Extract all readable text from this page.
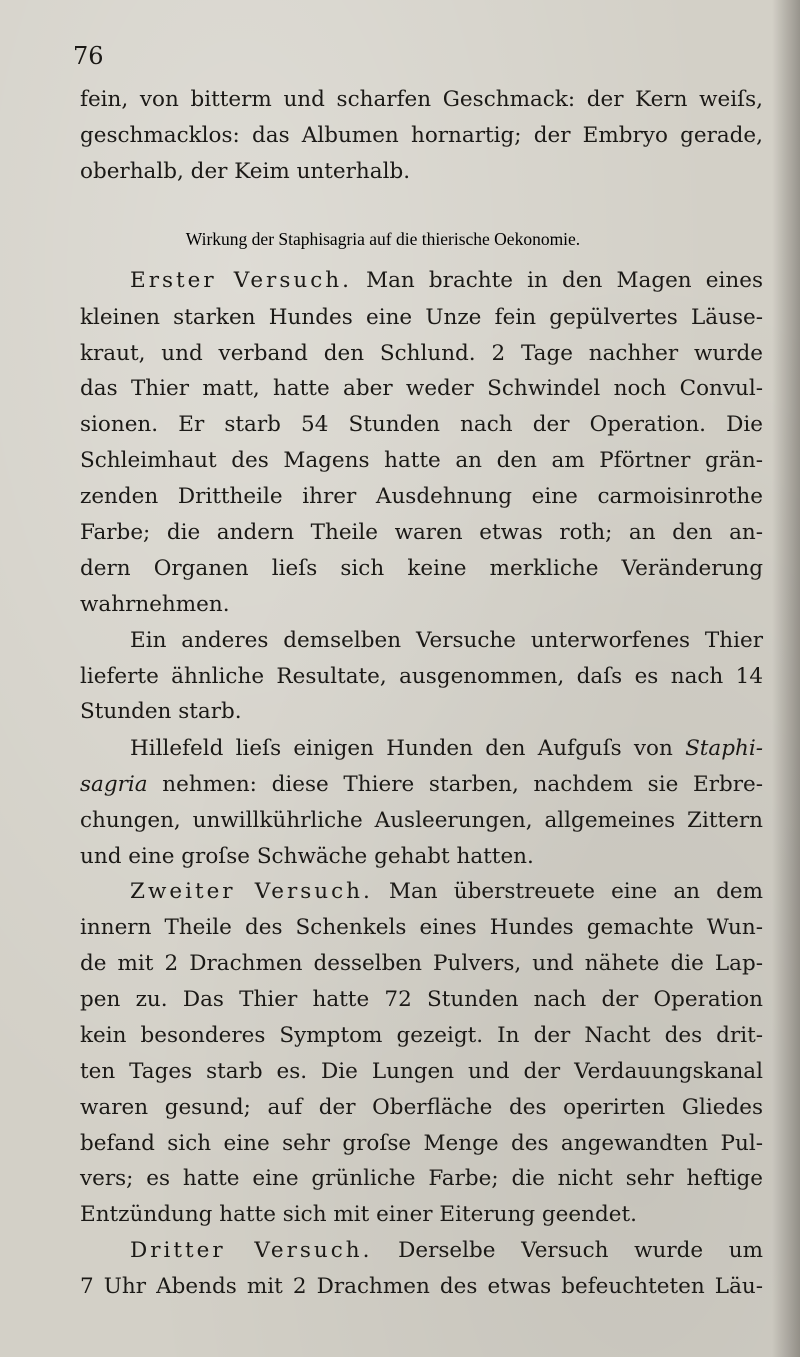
76
fein, von bitterm und scharfen Geschmack: der Kern weiſs,
geschmacklos: das Albumen hornartig; der Embryo gerade,
oberhalb, der Keim unterhalb.
Wirkung der Staphisagria auf die thierische Oekonomie.
Erster Versuch. Man brachte in den Magen eines
kleinen starken Hundes eine Unze fein gepülvertes Läuse-
kraut, und verband den Schlund. 2 Tage nachher wurde
das Thier matt, hatte aber weder Schwindel noch Convul-
sionen. Er starb 54 Stunden nach der Operation. Die
Schleimhaut des Magens hatte an den am Pförtner grän-
zenden Drittheile ihrer Ausdehnung eine carmoisinrothe
Farbe; die andern Theile waren etwas roth; an den an-
dern Organen lieſs sich keine merkliche Veränderung
wahrnehmen.
Ein anderes demselben Versuche unterworfenes Thier
lieferte ähnliche Resultate, ausgenommen, daſs es nach 14
Stunden starb.
Hillefeld lieſs einigen Hunden den Aufguſs von Staphi-
sagria nehmen: diese Thiere starben, nachdem sie Erbre-
chungen, unwillkührliche Ausleerungen, allgemeines Zittern
und eine groſse Schwäche gehabt hatten.
Zweiter Versuch. Man überstreuete eine an dem
innern Theile des Schenkels eines Hundes gemachte Wun-
de mit 2 Drachmen desselben Pulvers, und nähete die Lap-
pen zu. Das Thier hatte 72 Stunden nach der Operation
kein besonderes Symptom gezeigt. In der Nacht des drit-
ten Tages starb es. Die Lungen und der Verdauungskanal
waren gesund; auf der Oberfläche des operirten Gliedes
befand sich eine sehr groſse Menge des angewandten Pul-
vers; es hatte eine grünliche Farbe; die nicht sehr heftige
Entzündung hatte sich mit einer Eiterung geendet.
Dritter Versuch. Derselbe Versuch wurde um
7 Uhr Abends mit 2 Drachmen des etwas befeuchteten Läu-
